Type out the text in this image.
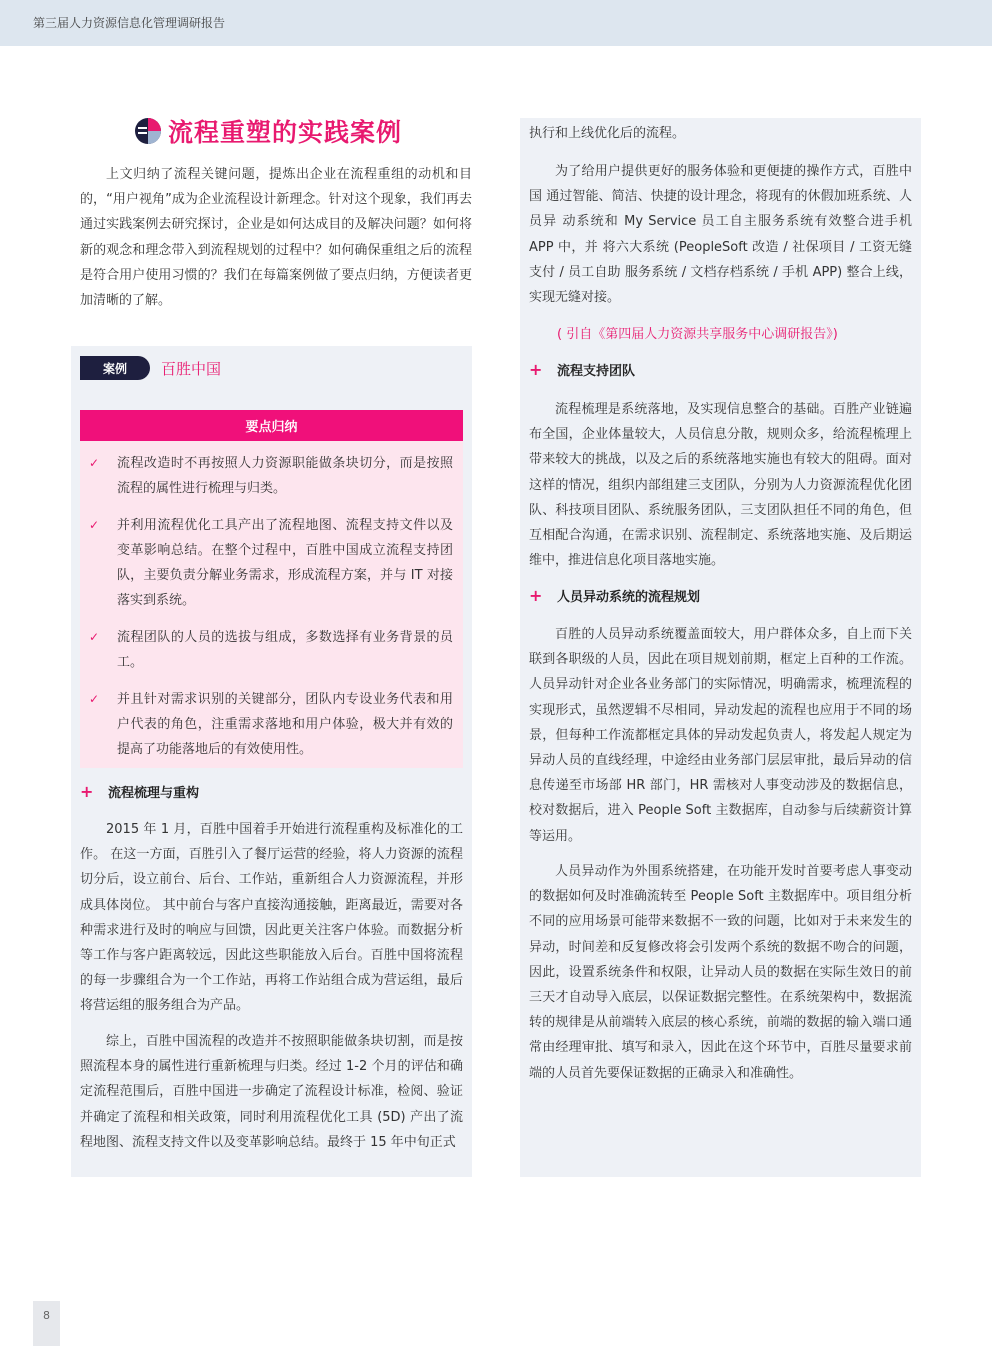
第三届人力资源信息化管理调研报告
流程重塑的实践案例

上文归纳了流程关键问题，提炼出企业在流程重组的动机和目的，“用户视角”成为企业流程设计新理念。针对这个现象，我们再去通过实践案例去研究探讨，企业是如何达成目的及解决问题？如何将新的观念和理念带入到流程规划的过程中？如何确保重组之后的流程是符合用户使用习惯的？我们在每篇案例做了要点归纳，方便读者更加清晰的了解。

案例	百胜中国
要点归纳
✓ 流程改造时不再按照人力资源职能做条块切分，而是按照流程的属性进行梳理与归类。
✓ 并利用流程优化工具产出了流程地图、流程支持文件以及变革影响总结。在整个过程中，百胜中国成立流程支持团队，主要负责分解业务需求，形成流程方案，并与 IT 对接落实到系统。
✓ 流程团队的人员的选拔与组成，多数选择有业务背景的员工。
✓ 并且针对需求识别的关键部分，团队内专设业务代表和用户代表的角色，注重需求落地和用户体验，极大并有效的提高了功能落地后的有效使用性。
+ 流程梳理与重构

2015 年 1 月，百胜中国着手开始进行流程重构及标准化的工作。 在这一方面，百胜引入了餐厅运营的经验，将人力资源的流程切分后，设立前台、后台、工作站，重新组合人力资源流程，并形成具体岗位。 其中前台与客户直接沟通接触，距离最近，需要对各种需求进行及时的响应与回馈，因此更关注客户体验。而数据分析等工作与客户距离较远，因此这些职能放入后台。百胜中国将流程的每一步骤组合为一个工作站，再将工作站组合成为营运组，最后将营运组的服务组合为产品。

综上，百胜中国流程的改造并不按照职能做条块切割，而是按照流程本身的属性进行重新梳理与归类。经过 1-2 个月的评估和确定流程范围后，百胜中国进一步确定了流程设计标准，检阅、验证并确定了流程和相关政策，同时利用流程优化工具 (5D) 产出了流程地图、流程支持文件以及变革影响总结。最终于 15 年中旬正式

执行和上线优化后的流程。

为了给用户提供更好的服务体验和更便捷的操作方式，百胜中国 通过智能、简洁、快捷的设计理念，将现有的休假加班系统、人员异 动系统和 My Service 员工自主服务系统有效整合进手机 APP 中，并 将六大系统 (PeopleSoft 改造 / 社保项目 / 工资无缝支付 / 员工自助 服务系统 / 文档存档系统 / 手机 APP) 整合上线，实现无缝对接。

( 引自《第四届人力资源共享服务中心调研报告》)
+ 流程支持团队

流程梳理是系统落地，及实现信息整合的基础。百胜产业链遍布全国，企业体量较大，人员信息分散，规则众多，给流程梳理上带来较大的挑战，以及之后的系统落地实施也有较大的阻碍。面对这样的情况，组织内部组建三支团队，分别为人力资源流程优化团队、科技项目团队、系统服务团队，三支团队担任不同的角色，但互相配合沟通，在需求识别、流程制定、系统落地实施、及后期运维中，推进信息化项目落地实施。

+ 人员异动系统的流程规划

百胜的人员异动系统覆盖面较大，用户群体众多，自上而下关联到各职级的人员，因此在项目规划前期，框定上百种的工作流。人员异动针对企业各业务部门的实际情况，明确需求，梳理流程的实现形式，虽然逻辑不尽相同，异动发起的流程也应用于不同的场景，但每种工作流都框定具体的异动发起负责人，将发起人规定为异动人员的直线经理，中途经由业务部门层层审批，最后异动的信息传递至市场部 HR 部门，HR 需核对人事变动涉及的数据信息，校对数据后，进入 People Soft 主数据库，自动参与后续薪资计算等运用。

人员异动作为外围系统搭建，在功能开发时首要考虑人事变动的数据如何及时准确流转至 People Soft 主数据库中。项目组分析不同的应用场景可能带来数据不一致的问题，比如对于未来发生的异动，时间差和反复修改将会引发两个系统的数据不吻合的问题，因此，设置系统条件和权限，让异动人员的数据在实际生效日的前三天才自动导入底层，以保证数据完整性。在系统架构中，数据流转的规律是从前端转入底层的核心系统，前端的数据的输入端口通常由经理审批、填写和录入，因此在这个环节中，百胜尽量要求前端的人员首先要保证数据的正确录入和准确性。

8
